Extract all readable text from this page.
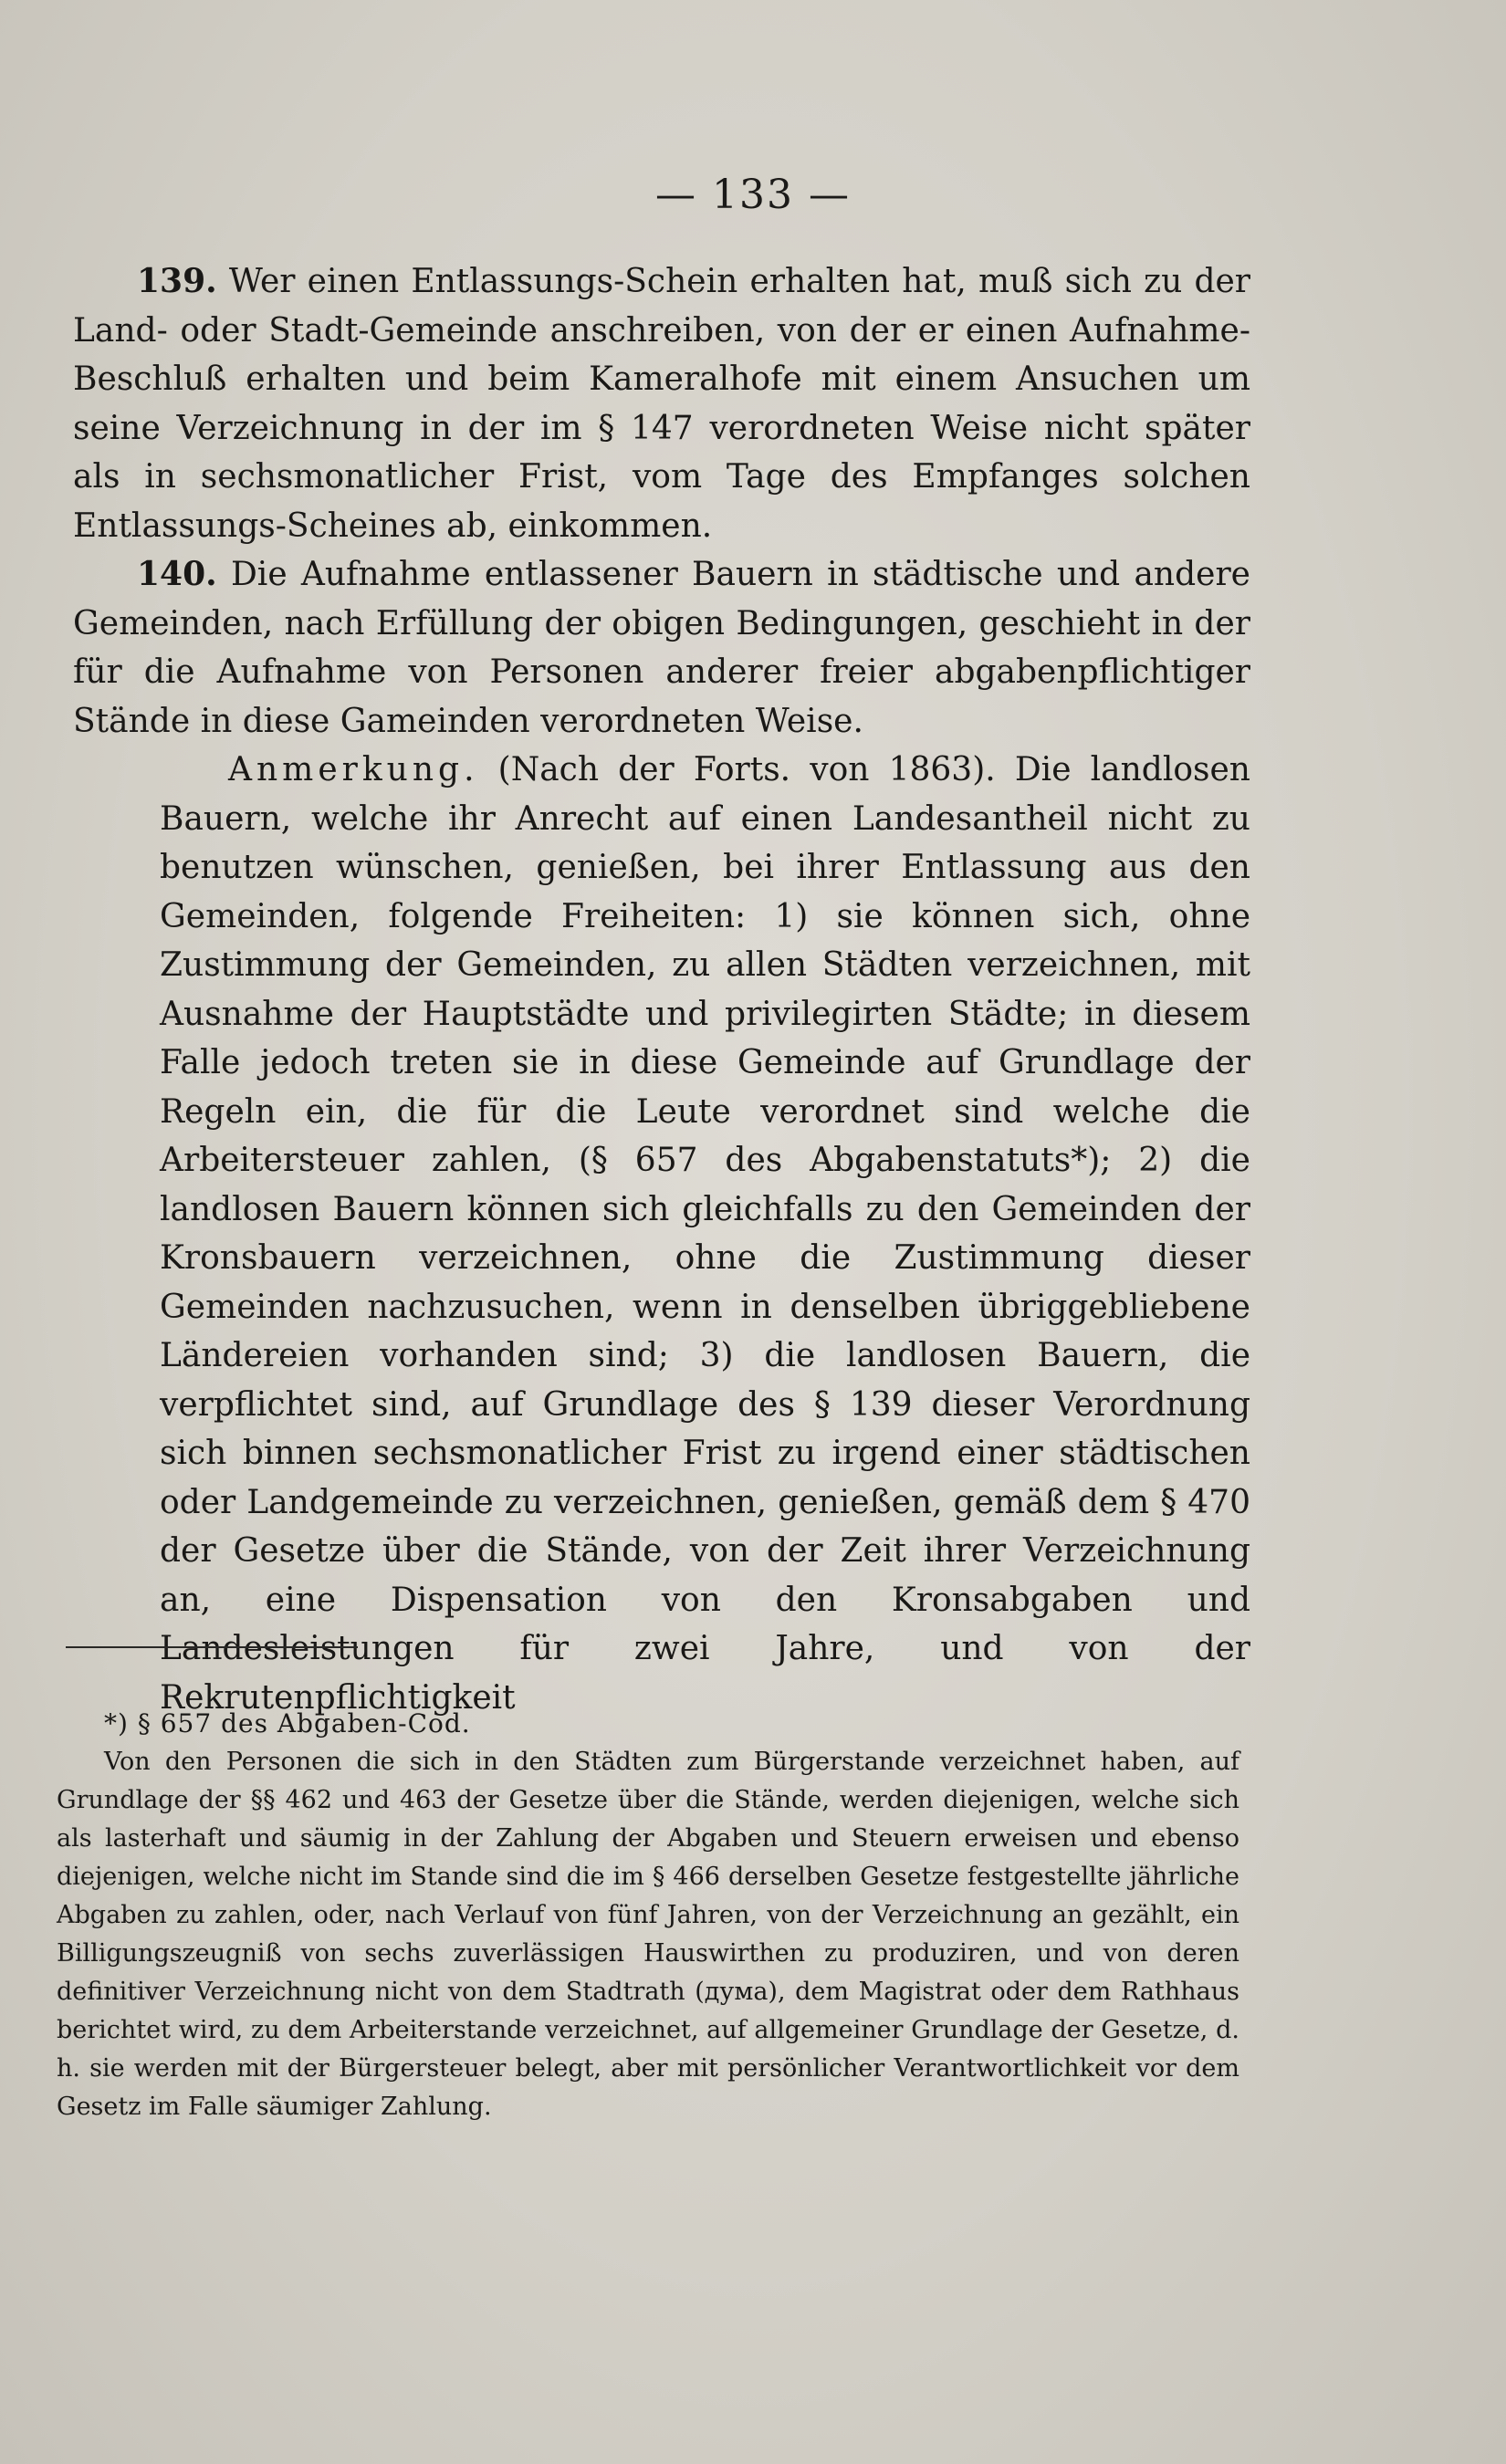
— 133 —

139. Wer einen Entlassungs-Schein erhalten hat, muß sich zu der Land- oder Stadt-Gemeinde anschreiben, von der er einen Aufnahme-Beschluß erhalten und beim Kameralhofe mit einem Ansuchen um seine Verzeichnung in der im § 147 verordneten Weise nicht später als in sechsmonatlicher Frist, vom Tage des Empfanges solchen Entlassungs-Scheines ab, einkommen.

140. Die Aufnahme entlassener Bauern in städtische und andere Gemeinden, nach Erfüllung der obigen Bedingungen, geschieht in der für die Aufnahme von Personen anderer freier abgabenpflichtiger Stände in diese Gameinden verordneten Weise.

Anmerkung. (Nach der Forts. von 1863). Die landlosen Bauern, welche ihr Anrecht auf einen Landesantheil nicht zu benutzen wünschen, genießen, bei ihrer Entlassung aus den Gemeinden, folgende Freiheiten: 1) sie können sich, ohne Zustimmung der Gemeinden, zu allen Städten verzeichnen, mit Ausnahme der Hauptstädte und privilegirten Städte; in diesem Falle jedoch treten sie in diese Gemeinde auf Grundlage der Regeln ein, die für die Leute verordnet sind welche die Arbeitersteuer zahlen, (§ 657 des Abgabenstatuts*); 2) die landlosen Bauern können sich gleichfalls zu den Gemeinden der Kronsbauern verzeichnen, ohne die Zustimmung dieser Gemeinden nachzusuchen, wenn in denselben übriggebliebene Ländereien vorhanden sind; 3) die landlosen Bauern, die verpflichtet sind, auf Grundlage des § 139 dieser Verordnung sich binnen sechsmonatlicher Frist zu irgend einer städtischen oder Landgemeinde zu verzeichnen, genießen, gemäß dem § 470 der Gesetze über die Stände, von der Zeit ihrer Verzeichnung an, eine Dispensation von den Kronsabgaben und Landesleistungen für zwei Jahre, und von der Rekrutenpflichtigkeit

*) § 657 des Abgaben-Cod.

Von den Personen die sich in den Städten zum Bürgerstande verzeichnet haben, auf Grundlage der §§ 462 und 463 der Gesetze über die Stände, werden diejenigen, welche sich als lasterhaft und säumig in der Zahlung der Abgaben und Steuern erweisen und ebenso diejenigen, welche nicht im Stande sind die im § 466 derselben Gesetze festgestellte jährliche Abgaben zu zahlen, oder, nach Verlauf von fünf Jahren, von der Verzeichnung an gezählt, ein Billigungszeugniß von sechs zuverlässigen Hauswirthen zu produziren, und von deren definitiver Verzeichnung nicht von dem Stadtrath (дума), dem Magistrat oder dem Rathhaus berichtet wird, zu dem Arbeiterstande verzeichnet, auf allgemeiner Grundlage der Gesetze, d. h. sie werden mit der Bürgersteuer belegt, aber mit persönlicher Verantwortlichkeit vor dem Gesetz im Falle säumiger Zahlung.
